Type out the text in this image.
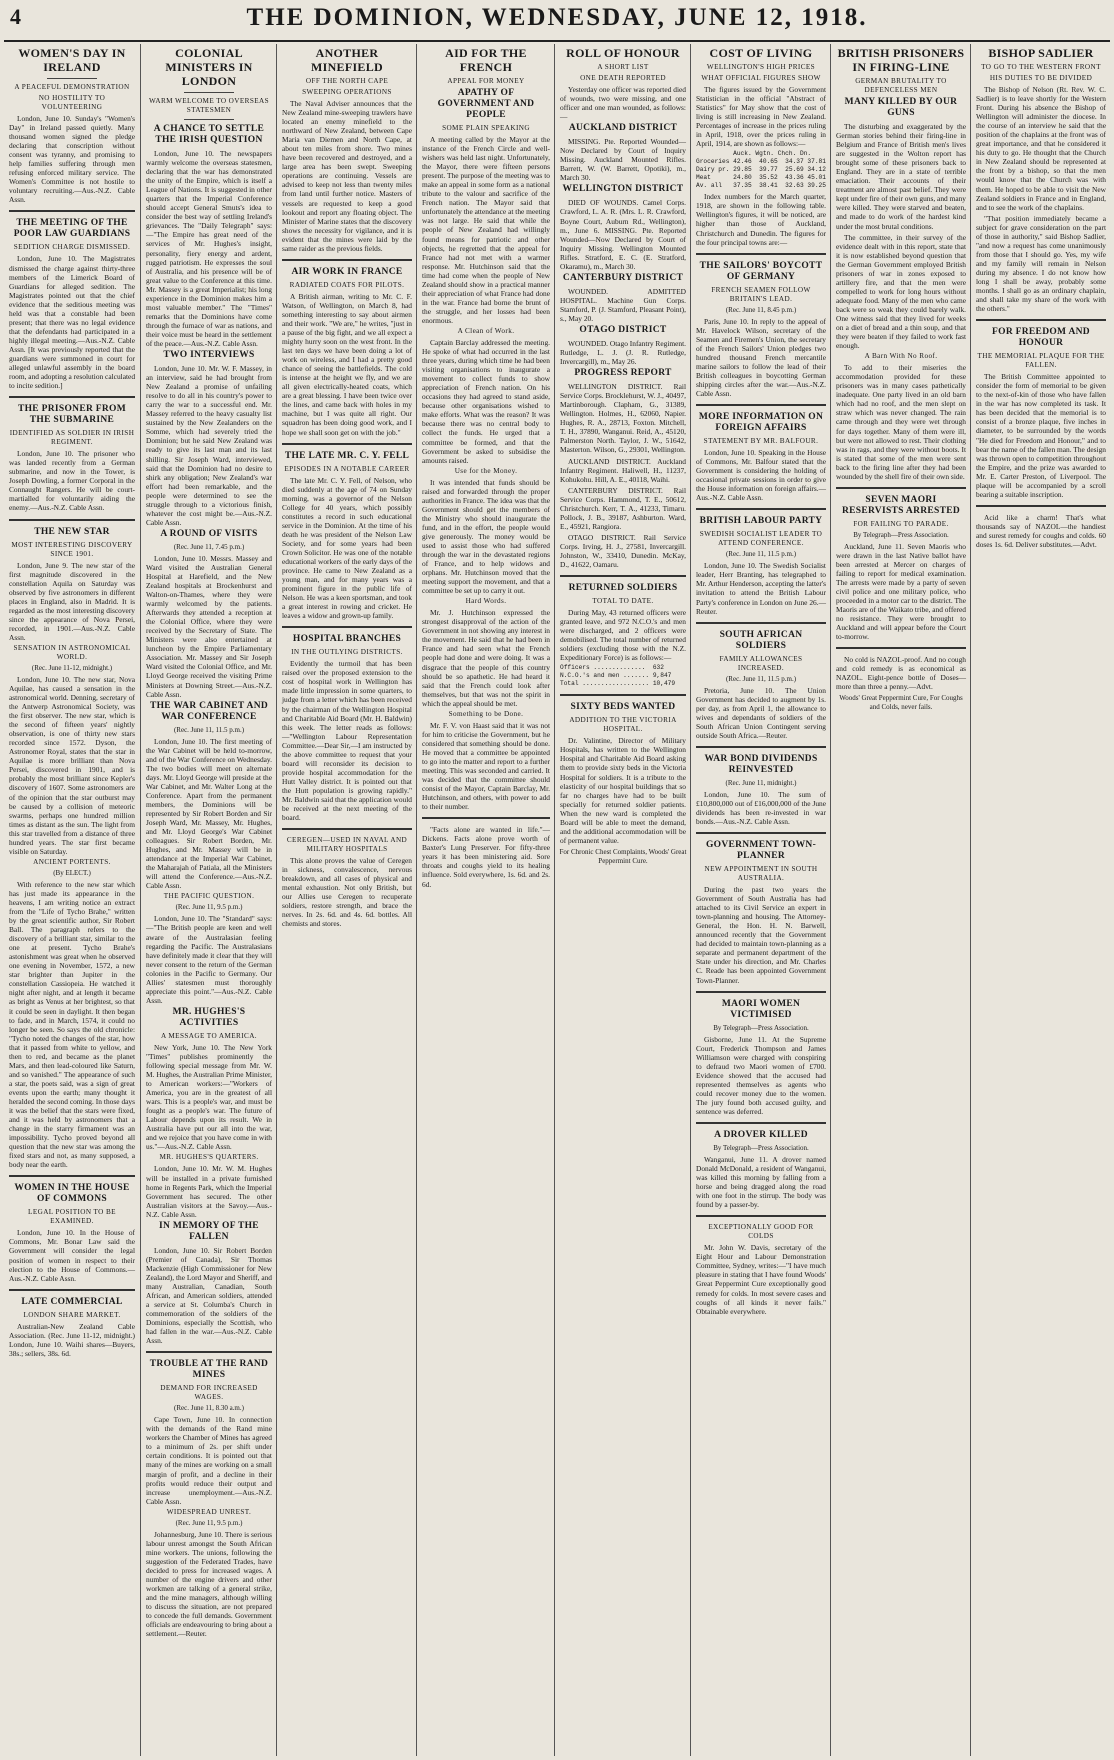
4	THE DOMINION, WEDNESDAY, JUNE 12, 1918.
WOMEN'S DAY IN IRELAND
A PEACEFUL DEMONSTRATION
NO HOSTILITY TO VOLUNTEERING

London, June 10. Sunday's "Women's Day" in Ireland passed quietly. Many thousand women signed the pledge declaring that conscription without consent was tyranny, and promising to help families suffering through men refusing enforced military service. The Women's Committee is not hostile to voluntary recruiting.—Aus.-N.Z. Cable Assn.

THE MEETING OF THE POOR LAW GUARDIANS
SEDITION CHARGE DISMISSED.

London, June 10. The Magistrates dismissed the charge against thirty-three members of the Limerick Board of Guardians for alleged sedition. The Magistrates pointed out that the chief evidence that the seditious meeting was held was that a constable had been present; that there was no legal evidence that the defendants had participated in a highly illegal meeting.—Aus.-N.Z. Cable Assn. [It was previously reported that the guardians were summoned in court for alleged unlawful assembly in the board room, and adopting a resolution calculated to incite sedition.]

THE PRISONER FROM THE SUBMARINE
IDENTIFIED AS SOLDIER IN IRISH REGIMENT.

London, June 10. The prisoner who was landed recently from a German submarine, and now in the Tower, is Joseph Dowling, a former Corporal in the Connaught Rangers. He will be court-martialled for voluntarily aiding the enemy.—Aus.-N.Z. Cable Assn.

THE NEW STAR
MOST INTERESTING DISCOVERY SINCE 1901.

London, June 9. The new star of the first magnitude discovered in the constellation Aquila on Saturday was observed by five astronomers in different places in England, also in Madrid. It is regarded as the most interesting discovery since the appearance of Nova Persei, recorded, in 1901.—Aus.-N.Z. Cable Assn.

SENSATION IN ASTRONOMICAL WORLD.
(Rec. June 11-12, midnight.)

London, June 10. The new star, Nova Aquilae, has caused a sensation in the astronomical world. Denning, secretary of the Antwerp Astronomical Society, was the first observer. The new star, which is the second of fifteen years' nightly observation, is one of thirty new stars recorded since 1572. Dyson, the Astronomer Royal, states that the star in Aquilae is more brilliant than Nova Persei, discovered in 1901, and is probably the most brilliant since Kepler's discovery of 1607. Some astronomers are of the opinion that the star outburst may be caused by a collision of meteoric swarms, perhaps one hundred million times as distant as the sun. The light from this star travelled from a distance of three hundred years. The star first became visible on Saturday.

ANCIENT PORTENTS.
(By ELECT.)

With reference to the new star which has just made its appearance in the heavens, I am writing notice an extract from the "Life of Tycho Brahe," written by the great scientific author, Sir Robert Ball. The paragraph refers to the discovery of a brilliant star, similar to the one at present. Tycho Brahe's astonishment was great when he observed one evening in November, 1572, a new star brighter than Jupiter in the constellation Cassiopeia. He watched it night after night, and at length it became as bright as Venus at her brightest, so that it could be seen in daylight. It then began to fade, and in March, 1574, it could no longer be seen. So says the old chronicle: "Tycho noted the changes of the star, how that it passed from white to yellow, and then to red, and became as the planet Mars, and then lead-coloured like Saturn, and so vanished." The appearance of such a star, the poets said, was a sign of great events upon the earth; many thought it heralded the second coming. In those days it was the belief that the stars were fixed, and it was held by astronomers that a change in the starry firmament was an impossibility. Tycho proved beyond all question that the new star was among the fixed stars and not, as many supposed, a body near the earth.

WOMEN IN THE HOUSE OF COMMONS
LEGAL POSITION TO BE EXAMINED.

London, June 10. In the House of Commons, Mr. Bonar Law said the Government will consider the legal position of women in respect to their election to the House of Commons.—Aus.-N.Z. Cable Assn.

LATE COMMERCIAL
LONDON SHARE MARKET.

Australian-New Zealand Cable Association. (Rec. June 11-12, midnight.) London, June 10. Waihi shares—Buyers, 38s.; sellers, 38s. 6d.

COLONIAL MINISTERS IN LONDON
WARM WELCOME TO OVERSEAS STATESMEN
A CHANCE TO SETTLE THE IRISH QUESTION

London, June 10. The newspapers warmly welcome the overseas statesmen, declaring that the war has demonstrated the unity of the Empire, which is itself a League of Nations. It is suggested in other quarters that the Imperial Conference should accept General Smuts's idea to consider the best way of settling Ireland's grievances. The "Daily Telegraph" says:—"The Empire has great need of the services of Mr. Hughes's insight, personality, fiery energy and ardent, rugged patriotism. He expresses the soul of Australia, and his presence will be of great value to the Conference at this time. Mr. Massey is a great Imperialist; his long experience in the Dominion makes him a most valuable member." The "Times" remarks that the Dominions have come through the furnace of war as nations, and their voice must be heard in the settlement of the peace.—Aus.-N.Z. Cable Assn.

TWO INTERVIEWS

London, June 10. Mr. W. F. Massey, in an interview, said he had brought from New Zealand a promise of unfailing resolve to do all in his country's power to carry the war to a successful end. Mr. Massey referred to the heavy casualty list sustained by the New Zealanders on the Somme, which had severely tried the Dominion; but he said New Zealand was ready to give its last man and its last shilling. Sir Joseph Ward, interviewed, said that the Dominion had no desire to shirk any obligation; New Zealand's war effort had been remarkable, and the people were determined to see the struggle through to a victorious finish, whatever the cost might be.—Aus.-N.Z. Cable Assn.

A ROUND OF VISITS
(Rec. June 11, 7.45 p.m.)

London, June 10. Messrs. Massey and Ward visited the Australian General Hospital at Harefield, and the New Zealand hospitals at Brockenhurst and Walton-on-Thames, where they were warmly welcomed by the patients. Afterwards they attended a reception at the Colonial Office, where they were received by the Secretary of State. The Ministers were also entertained at luncheon by the Empire Parliamentary Association. Mr. Massey and Sir Joseph Ward visited the Colonial Office, and Mr. Lloyd George received the visiting Prime Ministers at Downing Street.—Aus.-N.Z. Cable Assn.

THE WAR CABINET AND WAR CONFERENCE
(Rec. June 11, 11.5 p.m.)

London, June 10. The first meeting of the War Cabinet will be held to-morrow, and of the War Conference on Wednesday. The two bodies will meet on alternate days. Mr. Lloyd George will preside at the War Cabinet, and Mr. Walter Long at the Conference. Apart from the permanent members, the Dominions will be represented by Sir Robert Borden and Sir Joseph Ward, Mr. Massey, Mr. Hughes, and Mr. Lloyd George's War Cabinet colleagues. Sir Robert Borden, Mr. Hughes, and Mr. Massey will be in attendance at the Imperial War Cabinet, the Maharajah of Patiala, all the Ministers will attend the Conference.—Aus.-N.Z. Cable Assn.

THE PACIFIC QUESTION.
(Rec. June 11, 9.5 p.m.)

London, June 10. The "Standard" says:—"The British people are keen and well aware of the Australasian feeling regarding the Pacific. The Australasians have definitely made it clear that they will never consent to the return of the German colonies in the Pacific to Germany. Our Allies' statesmen must thoroughly appreciate this point."—Aus.-N.Z. Cable Assn.

MR. HUGHES'S ACTIVITIES
A MESSAGE TO AMERICA.

New York, June 10. The New York "Times" publishes prominently the following special message from Mr. W. M. Hughes, the Australian Prime Minister, to American workers:—"Workers of America, you are in the greatest of all wars. This is a people's war, and must be fought as a people's war. The future of Labour depends upon its result. We in Australia have put our all into the war, and we rejoice that you have come in with us."—Aus.-N.Z. Cable Assn.

MR. HUGHES'S QUARTERS.

London, June 10. Mr. W. M. Hughes will be installed in a private furnished home in Regents Park, which the Imperial Government has secured. The other Australian visitors at the Savoy.—Aus.-N.Z. Cable Assn.

IN MEMORY OF THE FALLEN

London, June 10. Sir Robert Borden (Premier of Canada), Sir Thomas Mackenzie (High Commissioner for New Zealand), the Lord Mayor and Sheriff, and many Australian, Canadian, South African, and American soldiers, attended a service at St. Columba's Church in commemoration of the soldiers of the Dominions, especially the Scottish, who had fallen in the war.—Aus.-N.Z. Cable Assn.

TROUBLE AT THE RAND MINES
DEMAND FOR INCREASED WAGES.
(Rec. June 11, 8.30 a.m.)

Cape Town, June 10. In connection with the demands of the Rand mine workers the Chamber of Mines has agreed to a minimum of 2s. per shift under certain conditions. It is pointed out that many of the mines are working on a small margin of profit, and a decline in their profits would reduce their output and increase unemployment.—Aus.-N.Z. Cable Assn.

WIDESPREAD UNREST.
(Rec. June 11, 9.5 p.m.)

Johannesburg, June 10. There is serious labour unrest amongst the South African mine workers. The unions, following the suggestion of the Federated Trades, have decided to press for increased wages. A number of the engine drivers and other workmen are talking of a general strike, and the mine managers, although willing to discuss the situation, are not prepared to concede the full demands. Government officials are endeavouring to bring about a settlement.—Reuter.

ANOTHER MINEFIELD
OFF THE NORTH CAPE
SWEEPING OPERATIONS

The Naval Adviser announces that the New Zealand mine-sweeping trawlers have located an enemy minefield to the northward of New Zealand, between Cape Maria van Diemen and North Cape, at about ten miles from shore. Two mines have been recovered and destroyed, and a large area has been swept. Sweeping operations are continuing. Vessels are advised to keep not less than twenty miles from land until further notice. Masters of vessels are requested to keep a good lookout and report any floating object. The Minister of Marine states that the discovery shows the necessity for vigilance, and it is evident that the mines were laid by the same raider as the previous fields.

AIR WORK IN FRANCE
RADIATED COATS FOR PILOTS.

A British airman, writing to Mr. C. F. Watson, of Wellington, on March 8, had something interesting to say about airmen and their work. "We are," he writes, "just in a pause of the big fight, and we all expect a mighty hurry soon on the west front. In the last ten days we have been doing a lot of work on wireless, and I had a pretty good chance of seeing the battlefields. The cold is intense at the height we fly, and we are all given electrically-heated coats, which are a great blessing. I have been twice over the lines, and came back with holes in my machine, but I was quite all right. Our squadron has been doing good work, and I hope we shall soon get on with the job."

THE LATE MR. C. Y. FELL
EPISODES IN A NOTABLE CAREER

The late Mr. C. Y. Fell, of Nelson, who died suddenly at the age of 74 on Sunday morning, was a governor of the Nelson College for 40 years, which possibly constitutes a record in such educational service in the Dominion. At the time of his death he was president of the Nelson Law Society, and for some years had been Crown Solicitor. He was one of the notable educational workers of the early days of the province. He came to New Zealand as a young man, and for many years was a prominent figure in the public life of Nelson. He was a keen sportsman, and took a great interest in rowing and cricket. He leaves a widow and grown-up family.

HOSPITAL BRANCHES
IN THE OUTLYING DISTRICTS.

Evidently the turmoil that has been raised over the proposed extension to the cost of hospital work in Wellington has made little impression in some quarters, to judge from a letter which has been received by the chairman of the Wellington Hospital and Charitable Aid Board (Mr. H. Baldwin) this week. The letter reads as follows:—"Wellington Labour Representation Committee.—Dear Sir,—I am instructed by the above committee to request that your board will reconsider its decision to provide hospital accommodation for the Hutt Valley district. It is pointed out that the Hutt population is growing rapidly." Mr. Baldwin said that the application would be received at the next meeting of the board.

CEREGEN—USED IN NAVAL AND MILITARY HOSPITALS

This alone proves the value of Ceregen in sickness, convalescence, nervous breakdown, and all cases of physical and mental exhaustion. Not only British, but our Allies use Ceregen to recuperate soldiers, restore strength, and brace the nerves. In 2s. 6d. and 4s. 6d. bottles. All chemists and stores.

AID FOR THE FRENCH
APPEAL FOR MONEY
APATHY OF GOVERNMENT AND PEOPLE
SOME PLAIN SPEAKING

A meeting called by the Mayor at the instance of the French Circle and well-wishers was held last night. Unfortunately, the Mayor, there were fifteen persons present. The purpose of the meeting was to make an appeal in some form as a national tribute to the valour and sacrifice of the French nation. The Mayor said that unfortunately the attendance at the meeting was not large. He said that while the people of New Zealand had willingly found means for patriotic and other objects, he regretted that the appeal for France had not met with a warmer response. Mr. Hutchinson said that the time had come when the people of New Zealand should show in a practical manner their appreciation of what France had done in the war. France had borne the brunt of the struggle, and her losses had been enormous.

A Clean of Work.

Captain Barclay addressed the meeting. He spoke of what had occurred in the last three years, during which time he had been visiting organisations to inaugurate a movement to collect funds to show appreciation of French nation. On his occasions they had agreed to stand aside, because other organisations wished to make efforts. What was the reason? It was because there was no central body to collect the funds. He urged that a committee be formed, and that the Government be asked to subsidise the amounts raised.

Use for the Money.

It was intended that funds should be raised and forwarded through the proper authorities in France. The idea was that the Government should get the members of the Ministry who should inaugurate the fund, and in the effort, the people would give generously. The money would be used to assist those who had suffered through the war in the devastated regions of France, and to help widows and orphans. Mr. Hutchinson moved that the meeting support the movement, and that a committee be set up to carry it out.

Hard Words.

Mr. J. Hutchinson expressed the strongest disapproval of the action of the Government in not showing any interest in the movement. He said that he had been in France and had seen what the French people had done and were doing. It was a disgrace that the people of this country should be so apathetic. He had heard it said that the French could look after themselves, but that was not the spirit in which the appeal should be met.

Something to be Done.

Mr. F. V. von Haast said that it was not for him to criticise the Government, but he considered that something should be done. He moved that a committee be appointed to go into the matter and report to a further meeting. This was seconded and carried. It was decided that the committee should consist of the Mayor, Captain Barclay, Mr. Hutchinson, and others, with power to add to their number.

"Facts alone are wanted in life."—Dickens. Facts alone prove worth of Baxter's Lung Preserver. For fifty-three years it has been ministering aid. Sore throats and coughs yield to its healing influence. Sold everywhere, 1s. 6d. and 2s. 6d.

ROLL OF HONOUR
A SHORT LIST
ONE DEATH REPORTED

Yesterday one officer was reported died of wounds, two were missing, and one officer and one man wounded, as follows:—

AUCKLAND DISTRICT

MISSING. Pte. Reported Wounded—Now Declared by Court of Inquiry Missing. Auckland Mounted Rifles. Barrett, W. (W. Barrett, Opotiki), m., March 30.

WELLINGTON DISTRICT

DIED OF WOUNDS. Camel Corps. Crawford, L. A. R. (Mrs. L. R. Crawford, Boyne Court, Auburn Rd., Wellington), m., June 6. MISSING. Pte. Reported Wounded—Now Declared by Court of Inquiry Missing. Wellington Mounted Rifles. Stratford, E. C. (E. Stratford, Okaramu), m., March 30.

CANTERBURY DISTRICT

WOUNDED. ADMITTED HOSPITAL. Machine Gun Corps. Stamford, P. (J. Stamford, Pleasant Point), s., May 20.

OTAGO DISTRICT

WOUNDED. Otago Infantry Regiment. Rutledge, L. J. (J. R. Rutledge, Invercargill), m., May 26.

PROGRESS REPORT

WELLINGTON DISTRICT. Rail Service Corps. Brocklehurst, W. J., 40497, Martinborough. Clapham, G., 31389, Wellington. Holmes, H., 62060, Napier. Hughes, R. A., 28713, Foxton. Mitchell, T. H., 37890, Wanganui. Reid, A., 45120, Palmerston North. Taylor, J. W., 51642, Masterton. Wilson, G., 29301, Wellington.

AUCKLAND DISTRICT. Auckland Infantry Regiment. Haliwell, H., 11237, Kohukohu. Hill, A. E., 40118, Waihi.

CANTERBURY DISTRICT. Rail Service Corps. Hammond, T. E., 50612, Christchurch. Kerr, T. A., 41233, Timaru. Pollock, J. B., 39187, Ashburton. Ward, E., 45921, Rangiora.

OTAGO DISTRICT. Rail Service Corps. Irving, H. J., 27581, Invercargill. Johnston, W., 33410, Dunedin. McKay, D., 41622, Oamaru.

RETURNED SOLDIERS
TOTAL TO DATE.

During May, 43 returned officers were granted leave, and 972 N.C.O.'s and men were discharged, and 2 officers were demobilised. The total number of returned soldiers (excluding those with the N.Z. Expeditionary Force) is as follows:—

Officers ..............  632
N.C.O.'s and men ....... 9,847
Total .................. 10,479
SIXTY BEDS WANTED
ADDITION TO THE VICTORIA HOSPITAL.

Dr. Valintine, Director of Military Hospitals, has written to the Wellington Hospital and Charitable Aid Board asking them to provide sixty beds in the Victoria Hospital for soldiers. It is a tribute to the elasticity of our hospital buildings that so far no charges have had to be built specially for returned soldier patients. When the new ward is completed the Board will be able to meet the demand, and the additional accommodation will be of permanent value.

For Chronic Chest Complaints, Woods' Great Peppermint Cure.
COST OF LIVING
WELLINGTON'S HIGH PRICES
WHAT OFFICIAL FIGURES SHOW

The figures issued by the Government Statistician in the official "Abstract of Statistics" for May show that the cost of living is still increasing in New Zealand. Percentages of increase in the prices ruling in April, 1918, over the prices ruling in April, 1914, are shown as follows:—

Auck. Wgtn. Chch. Dn.
Groceries 42.46  40.65  34.37 37.81
Dairy pr. 29.85  39.77  25.69 34.12
Meat      24.80  35.52  43.36 45.01
Av. all   37.35  38.41  32.63 39.25

Index numbers for the March quarter, 1918, are shown in the following table. Wellington's figures, it will be noticed, are higher than those of Auckland, Christchurch and Dunedin. The figures for the four principal towns are:—

THE SAILORS' BOYCOTT OF GERMANY
FRENCH SEAMEN FOLLOW BRITAIN'S LEAD.
(Rec. June 11, 8.45 p.m.)

Paris, June 10. In reply to the appeal of Mr. Havelock Wilson, secretary of the Seamen and Firemen's Union, the secretary of the French Sailors' Union pledges two hundred thousand French mercantile marine sailors to follow the lead of their British colleagues in boycotting German shipping circles after the war.—Aus.-N.Z. Cable Assn.

MORE INFORMATION ON FOREIGN AFFAIRS
STATEMENT BY MR. BALFOUR.

London, June 10. Speaking in the House of Commons, Mr. Balfour stated that the Government is considering the holding of occasional private sessions in order to give the House information on foreign affairs.—Aus.-N.Z. Cable Assn.

BRITISH LABOUR PARTY
SWEDISH SOCIALIST LEADER TO ATTEND CONFERENCE.
(Rec. June 11, 11.5 p.m.)

London, June 10. The Swedish Socialist leader, Herr Branting, has telegraphed to Mr. Arthur Henderson, accepting the latter's invitation to attend the British Labour Party's conference in London on June 26.—Reuter.

SOUTH AFRICAN SOLDIERS
FAMILY ALLOWANCES INCREASED.
(Rec. June 11, 11.5 p.m.)

Pretoria, June 10. The Union Government has decided to augment by 1s. per day, as from April 1, the allowance to wives and dependants of soldiers of the South African Union Contingent serving outside South Africa.—Reuter.

WAR BOND DIVIDENDS REINVESTED
(Rec. June 11, midnight.)

London, June 10. The sum of £10,800,000 out of £16,000,000 of the June dividends has been re-invested in war bonds.—Aus.-N.Z. Cable Assn.

GOVERNMENT TOWN-PLANNER
NEW APPOINTMENT IN SOUTH AUSTRALIA.

During the past two years the Government of South Australia has had attached to its Civil Service an expert in town-planning and housing. The Attorney-General, the Hon. H. N. Barwell, announced recently that the Government had decided to maintain town-planning as a separate and permanent department of the State under his direction, and Mr. Charles C. Reade has been appointed Government Town-Planner.

MAORI WOMEN VICTIMISED
By Telegraph—Press Association.

Gisborne, June 11. At the Supreme Court, Frederick Thompson and James Williamson were charged with conspiring to defraud two Maori women of £700. Evidence showed that the accused had represented themselves as agents who could recover money due to the women. The jury found both accused guilty, and sentence was deferred.

A DROVER KILLED
By Telegraph—Press Association.

Wanganui, June 11. A drover named Donald McDonald, a resident of Wanganui, was killed this morning by falling from a horse and being dragged along the road with one foot in the stirrup. The body was found by a passer-by.

EXCEPTIONALLY GOOD FOR COLDS

Mr. John W. Davis, secretary of the Eight Hour and Labour Demonstration Committee, Sydney, writes:—"I have much pleasure in stating that I have found Woods' Great Peppermint Cure exceptionally good remedy for colds. In most severe cases and coughs of all kinds it never fails." Obtainable everywhere.

BRITISH PRISONERS IN FIRING-LINE
GERMAN BRUTALITY TO DEFENCELESS MEN
MANY KILLED BY OUR GUNS

The disturbing and exaggerated by the German stories behind their firing-line in Belgium and France of British men's lives are suggested in the Wolton report has brought some of these prisoners back to England. They are in a state of terrible emaciation. Their accounts of their treatment are almost past belief. They were kept under fire of their own guns, and many were killed. They were starved and beaten, and made to do work of the hardest kind under the most brutal conditions.

The committee, in their survey of the evidence dealt with in this report, state that it is now established beyond question that the German Government employed British prisoners of war in zones exposed to artillery fire, and that the men were compelled to work for long hours without adequate food. Many of the men who came back were so weak they could barely walk. One witness said that they lived for weeks on a diet of bread and a thin soup, and that they were beaten if they failed to work fast enough.

A Barn With No Roof.

To add to their miseries the accommodation provided for these prisoners was in many cases pathetically inadequate. One party lived in an old barn which had no roof, and the men slept on straw which was never changed. The rain came through and they were wet through for days together. Many of them were ill, but were not allowed to rest. Their clothing was in rags, and they were without boots. It is stated that some of the men were sent back to the firing line after they had been wounded by the shell fire of their own side.

SEVEN MAORI RESERVISTS ARRESTED
FOR FAILING TO PARADE.
By Telegraph—Press Association.

Auckland, June 11. Seven Maoris who were drawn in the last Native ballot have been arrested at Mercer on charges of failing to report for medical examination. The arrests were made by a party of seven civil police and one military police, who proceeded in a motor car to the district. The Maoris are of the Waikato tribe, and offered no resistance. They were brought to Auckland and will appear before the Court to-morrow.

No cold is NAZOL-proof. And no cough and cold remedy is as economical as NAZOL. Eight-pence bottle of Doses—more than three a penny.—Advt.

Woods' Great Peppermint Cure, For Coughs and Colds, never fails.
BISHOP SADLIER
TO GO TO THE WESTERN FRONT
HIS DUTIES TO BE DIVIDED

The Bishop of Nelson (Rt. Rev. W. C. Sadlier) is to leave shortly for the Western Front. During his absence the Bishop of Wellington will administer the diocese. In the course of an interview he said that the position of the chaplains at the front was of great importance, and that he considered it his duty to go. He thought that the Church in New Zealand should be represented at the front by a bishop, so that the men would know that the Church was with them. He hoped to be able to visit the New Zealand soldiers in France and in England, and to see the work of the chaplains.

"That position immediately became a subject for grave consideration on the part of those in authority," said Bishop Sadlier, "and now a request has come unanimously from those that I should go. Yes, my wife and my family will remain in Nelson during my absence. I do not know how long I shall be away, probably some months. I shall go as an ordinary chaplain, and shall take my share of the work with the others."

FOR FREEDOM AND HONOUR
THE MEMORIAL PLAQUE FOR THE FALLEN.

The British Committee appointed to consider the form of memorial to be given to the next-of-kin of those who have fallen in the war has now completed its task. It has been decided that the memorial is to consist of a bronze plaque, five inches in diameter, to be surrounded by the words "He died for Freedom and Honour," and to bear the name of the fallen man. The design was thrown open to competition throughout the Empire, and the prize was awarded to Mr. E. Carter Preston, of Liverpool. The plaque will be accompanied by a scroll bearing a suitable inscription.

Acid like a charm! That's what thousands say of NAZOL—the handiest and surest remedy for coughs and colds. 60 doses 1s. 6d. Deliver substitutes.—Advt.
